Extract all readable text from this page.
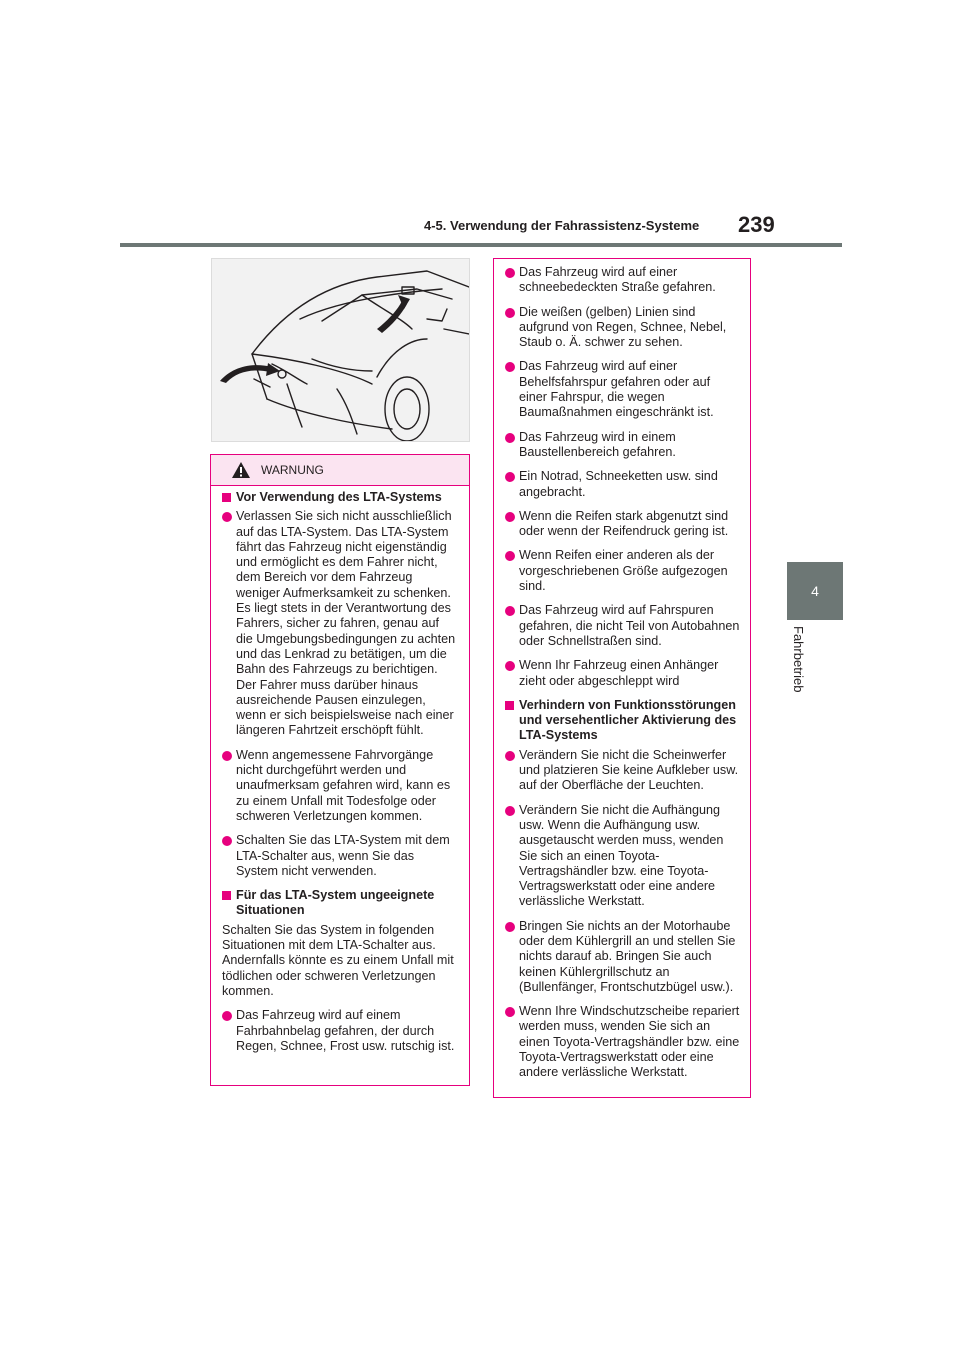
4-5. Verwendung der Fahrassistenz-Systeme 239
4
Fahrbetrieb
WARNUNG
Vor Verwendung des LTA-Systems
Verlassen Sie sich nicht ausschließlich auf das LTA-System. Das LTA-System fährt das Fahrzeug nicht eigenständig und ermöglicht es dem Fahrer nicht, dem Bereich vor dem Fahrzeug weniger Aufmerksamkeit zu schenken. Es liegt stets in der Verantwortung des Fahrers, sicher zu fahren, genau auf die Umgebungsbedingungen zu achten und das Lenkrad zu betätigen, um die Bahn des Fahrzeugs zu berichtigen. Der Fahrer muss darüber hinaus ausreichende Pausen einzulegen, wenn er sich beispielsweise nach einer längeren Fahrtzeit erschöpft fühlt.
Wenn angemessene Fahrvorgänge nicht durchgeführt werden und unaufmerksam gefahren wird, kann es zu einem Unfall mit Todesfolge oder schweren Verletzungen kommen.
Schalten Sie das LTA-System mit dem LTA-Schalter aus, wenn Sie das System nicht verwenden.
Für das LTA-System ungeeignete Situationen
Schalten Sie das System in folgenden Situationen mit dem LTA-Schalter aus. Andernfalls könnte es zu einem Unfall mit tödlichen oder schweren Verletzungen kommen.
Das Fahrzeug wird auf einem Fahrbahnbelag gefahren, der durch Regen, Schnee, Frost usw. rutschig ist.
Das Fahrzeug wird auf einer schneebedeckten Straße gefahren.
Die weißen (gelben) Linien sind aufgrund von Regen, Schnee, Nebel, Staub o. Ä. schwer zu sehen.
Das Fahrzeug wird auf einer Behelfsfahrspur gefahren oder auf einer Fahrspur, die wegen Baumaßnahmen eingeschränkt ist.
Das Fahrzeug wird in einem Baustellenbereich gefahren.
Ein Notrad, Schneeketten usw. sind angebracht.
Wenn die Reifen stark abgenutzt sind oder wenn der Reifendruck gering ist.
Wenn Reifen einer anderen als der vorgeschriebenen Größe aufgezogen sind.
Das Fahrzeug wird auf Fahrspuren gefahren, die nicht Teil von Autobahnen oder Schnellstraßen sind.
Wenn Ihr Fahrzeug einen Anhänger zieht oder abgeschleppt wird
Verhindern von Funktionsstörungen und versehentlicher Aktivierung des LTA-Systems
Verändern Sie nicht die Scheinwerfer und platzieren Sie keine Aufkleber usw. auf der Oberfläche der Leuchten.
Verändern Sie nicht die Aufhängung usw. Wenn die Aufhängung usw. ausgetauscht werden muss, wenden Sie sich an einen Toyota-Vertragshändler bzw. eine Toyota-Vertragswerkstatt oder eine andere verlässliche Werkstatt.
Bringen Sie nichts an der Motorhaube oder dem Kühlergrill an und stellen Sie nichts darauf ab. Bringen Sie auch keinen Kühlergrillschutz an (Bullenfänger, Frontschutzbügel usw.).
Wenn Ihre Windschutzscheibe repariert werden muss, wenden Sie sich an einen Toyota-Vertragshändler bzw. eine Toyota-Vertragswerkstatt oder eine andere verlässliche Werkstatt.
